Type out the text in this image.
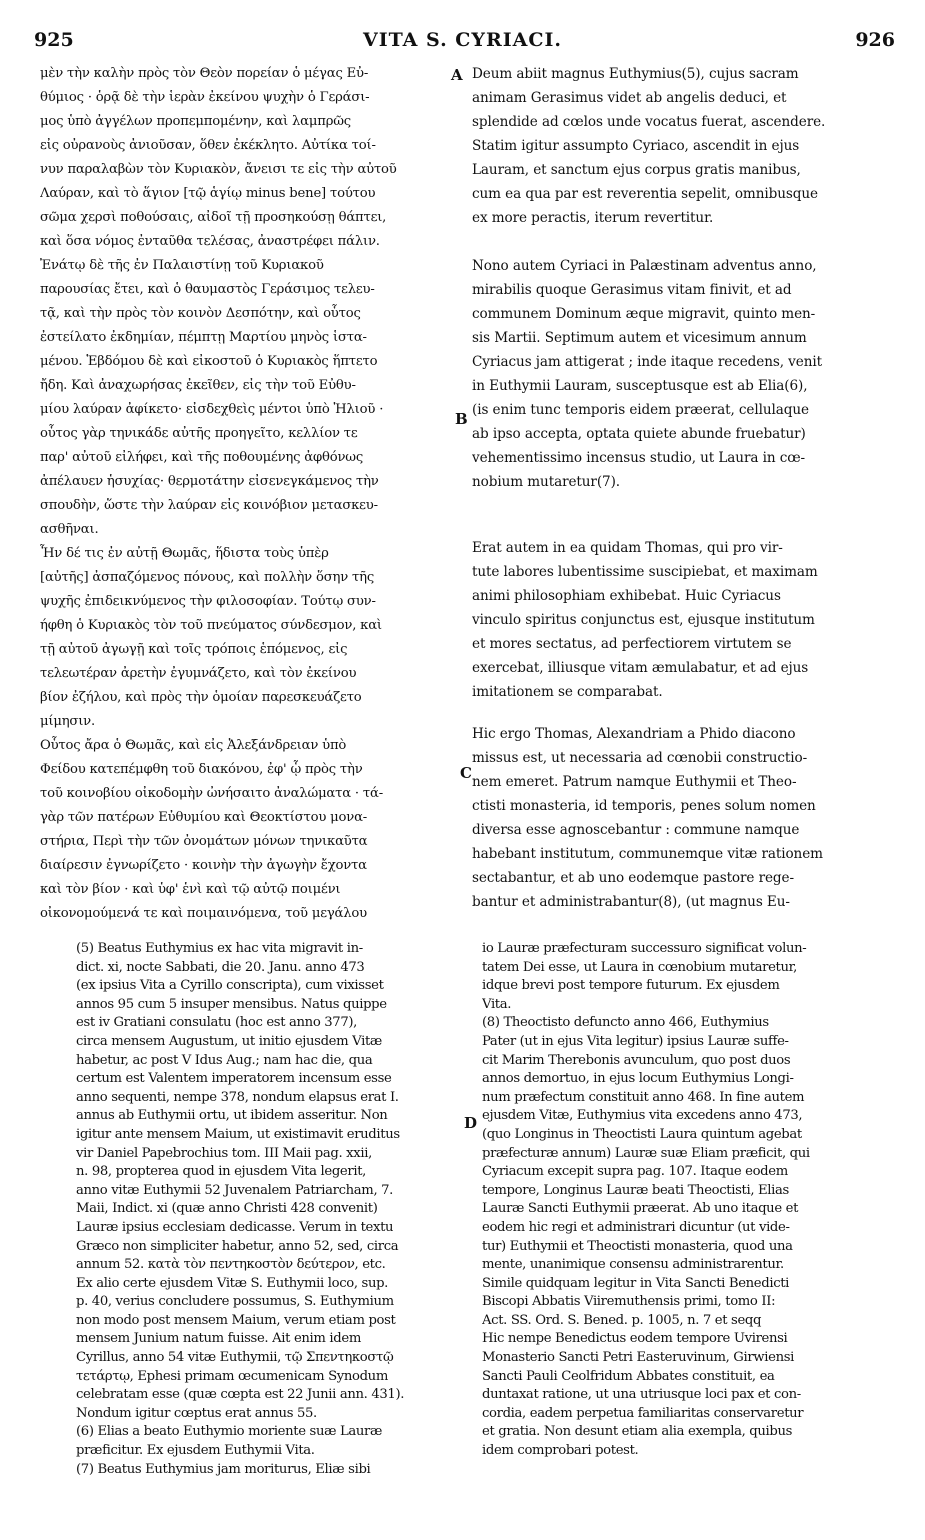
925	VITA S. CYRIACI.	926
A
B
C
D
μὲν τὴν καλὴν πρὸς τὸν Θεὸν πορείαν ὁ μέγας Εὐ-
θύμιος · ὁρᾷ δὲ τὴν ἱερὰν ἐκείνου ψυχὴν ὁ Γεράσι-
μος ὑπὸ ἀγγέλων προπεμπομένην, καὶ λαμπρῶς
εἰς οὐρανοὺς ἀνιοῦσαν, ὅθεν ἐκέκλητο. Αὐτίκα τοί-
νυν παραλαβὼν τὸν Κυριακὸν, ἄνεισι τε εἰς τὴν αὐτοῦ
Λαύραν, καὶ τὸ ἅγιον [τῷ ἁγίῳ minus bene] τούτου
σῶμα χερσὶ ποθούσαις, αἰδοῖ τῇ προσηκούσῃ θάπτει,
καὶ ὅσα νόμος ἐνταῦθα τελέσας, ἀναστρέφει πάλιν.
Ἐνάτῳ δὲ τῆς ἐν Παλαιστίνῃ τοῦ Κυριακοῦ
παρουσίας ἔτει, καὶ ὁ θαυμαστὸς Γεράσιμος τελευ-
τᾷ, καὶ τὴν πρὸς τὸν κοινὸν Δεσπότην, καὶ οὗτος
ἐστείλατο ἐκδημίαν, πέμπτῃ Μαρτίου μηνὸς ἱστα-
μένου. Ἑβδόμου δὲ καὶ εἰκοστοῦ ὁ Κυριακὸς ἥπτετο
ἤδη. Καὶ ἀναχωρήσας ἐκεῖθεν, εἰς τὴν τοῦ Εὐθυ-
μίου λαύραν ἀφίκετο· εἰσδεχθεὶς μέντοι ὑπὸ Ἠλιοῦ ·
οὗτος γὰρ τηνικάδε αὐτῆς προηγεῖτο, κελλίον τε
παρ' αὐτοῦ εἰλήφει, καὶ τῆς ποθουμένης ἀφθόνως
ἀπέλαυεν ἡσυχίας· θερμοτάτην εἰσενεγκάμενος τὴν
σπουδὴν, ὥστε τὴν λαύραν εἰς κοινόβιον μετασκευ-
ασθῆναι.
Ἦν δέ τις ἐν αὐτῇ Θωμᾶς, ἥδιστα τοὺς ὑπὲρ
[αὐτῆς] ἀσπαζόμενος πόνους, καὶ πολλὴν ὅσην τῆς
ψυχῆς ἐπιδεικνύμενος τὴν φιλοσοφίαν. Τούτῳ συν-
ήφθη ὁ Κυριακὸς τὸν τοῦ πνεύματος σύνδεσμον, καὶ
τῇ αὐτοῦ ἀγωγῇ καὶ τοῖς τρόποις ἑπόμενος, εἰς
τελεωτέραν ἀρετὴν ἐγυμνάζετο, καὶ τὸν ἐκείνου
βίον ἐζήλου, καὶ πρὸς τὴν ὁμοίαν παρεσκευάζετο
μίμησιν.
Οὗτος ἄρα ὁ Θωμᾶς, καὶ εἰς Ἀλεξάνδρειαν ὑπὸ
Φείδου κατεπέμφθη τοῦ διακόνου, ἐφ' ᾧ πρὸς τὴν
τοῦ κοινοβίου οἰκοδομὴν ὠνήσαιτο ἀναλώματα · τά-
γὰρ τῶν πατέρων Εὐθυμίου καὶ Θεοκτίστου μονα-
στήρια, Περὶ τὴν τῶν ὀνομάτων μόνων τηνικαῦτα
διαίρεσιν ἐγνωρίζετο · κοινὴν τὴν ἀγωγὴν ἔχοντα
καὶ τὸν βίον · καὶ ὑφ' ἑνὶ καὶ τῷ αὐτῷ ποιμένι
οἰκονομούμενά τε καὶ ποιμαινόμενα, τοῦ μεγάλου
Deum abiit magnus Euthymius(5), cujus sacram
animam Gerasimus videt ab angelis deduci, et
splendide ad cœlos unde vocatus fuerat, ascendere.
Statim igitur assumpto Cyriaco, ascendit in ejus
Lauram, et sanctum ejus corpus gratis manibus,
cum ea qua par est reverentia sepelit, omnibusque
ex more peractis, iterum revertitur.
Nono autem Cyriaci in Palæstinam adventus anno,
mirabilis quoque Gerasimus vitam finivit, et ad
communem Dominum æque migravit, quinto men-
sis Martii. Septimum autem et vicesimum annum
Cyriacus jam attigerat ; inde itaque recedens, venit
in Euthymii Lauram, susceptusque est ab Elia(6),
(is enim tunc temporis eidem præerat, cellulaque
ab ipso accepta, optata quiete abunde fruebatur)
vehementissimo incensus studio, ut Laura in cœ-
nobium mutaretur(7).
Erat autem in ea quidam Thomas, qui pro vir-
tute labores lubentissime suscipiebat, et maximam
animi philosophiam exhibebat. Huic Cyriacus
vinculo spiritus conjunctus est, ejusque institutum
et mores sectatus, ad perfectiorem virtutem se
exercebat, illiusque vitam æmulabatur, et ad ejus
imitationem se comparabat.
Hic ergo Thomas, Alexandriam a Phido diacono
missus est, ut necessaria ad cœnobii constructio-
nem emeret. Patrum namque Euthymii et Theo-
ctisti monasteria, id temporis, penes solum nomen
diversa esse agnoscebantur : commune namque
habebant institutum, communemque vitæ rationem
sectabantur, et ab uno eodemque pastore rege-
bantur et administrabantur(8), (ut magnus Eu-
(5) Beatus Euthymius ex hac vita migravit in-
dict. xi, nocte Sabbati, die 20. Janu. anno 473
(ex ipsius Vita a Cyrillo conscripta), cum vixisset
annos 95 cum 5 insuper mensibus. Natus quippe
est iv Gratiani consulatu (hoc est anno 377),
circa mensem Augustum, ut initio ejusdem Vitæ
habetur, ac post V Idus Aug.; nam hac die, qua
certum est Valentem imperatorem incensum esse
anno sequenti, nempe 378, nondum elapsus erat I.
annus ab Euthymii ortu, ut ibidem asseritur. Non
igitur ante mensem Maium, ut existimavit eruditus
vir Daniel Papebrochius tom. III Maii pag. xxii,
n. 98, propterea quod in ejusdem Vita legerit,
anno vitæ Euthymii 52 Juvenalem Patriarcham, 7.
Maii, Indict. xi (quæ anno Christi 428 convenit)
Lauræ ipsius ecclesiam dedicasse. Verum in textu
Græco non simpliciter habetur, anno 52, sed, circa
annum 52. κατὰ τὸν πεντηκοστὸν δεύτερον, etc.
Ex alio certe ejusdem Vitæ S. Euthymii loco, sup.
p. 40, verius concludere possumus, S. Euthymium
non modo post mensem Maium, verum etiam post
mensem Junium natum fuisse. Ait enim idem
Cyrillus, anno 54 vitæ Euthymii, τῷ Σπεντηκοστῷ
τετάρτῳ, Ephesi primam œcumenicam Synodum
celebratam esse (quæ cœpta est 22 Junii ann. 431).
Nondum igitur cœptus erat annus 55.
(6) Elias a beato Euthymio moriente suæ Lauræ
præficitur. Ex ejusdem Euthymii Vita.
(7) Beatus Euthymius jam moriturus, Eliæ sibi
io Lauræ præfecturam successuro significat volun-
tatem Dei esse, ut Laura in cœnobium mutaretur,
idque brevi post tempore futurum. Ex ejusdem
Vita.
(8) Theoctisto defuncto anno 466, Euthymius
Pater (ut in ejus Vita legitur) ipsius Lauræ suffe-
cit Marim Therebonis avunculum, quo post duos
annos demortuo, in ejus locum Euthymius Longi-
num præfectum constituit anno 468. In fine autem
ejusdem Vitæ, Euthymius vita excedens anno 473,
(quo Longinus in Theoctisti Laura quintum agebat
præfecturæ annum) Lauræ suæ Eliam præficit, qui
Cyriacum excepit supra pag. 107. Itaque eodem
tempore, Longinus Lauræ beati Theoctisti, Elias
Lauræ Sancti Euthymii præerat. Ab uno itaque et
eodem hic regi et administrari dicuntur (ut vide-
tur) Euthymii et Theoctisti monasteria, quod una
mente, unanimique consensu administrarentur.
Simile quidquam legitur in Vita Sancti Benedicti
Biscopi Abbatis Viiremuthensis primi, tomo II:
Act. SS. Ord. S. Bened. p. 1005, n. 7 et seqq
Hic nempe Benedictus eodem tempore Uvirensi
Monasterio Sancti Petri Easteruvinum, Girwiensi
Sancti Pauli Ceolfridum Abbates constituit, ea
duntaxat ratione, ut una utriusque loci pax et con-
cordia, eadem perpetua familiaritas conservaretur
et gratia. Non desunt etiam alia exempla, quibus
idem comprobari potest.
